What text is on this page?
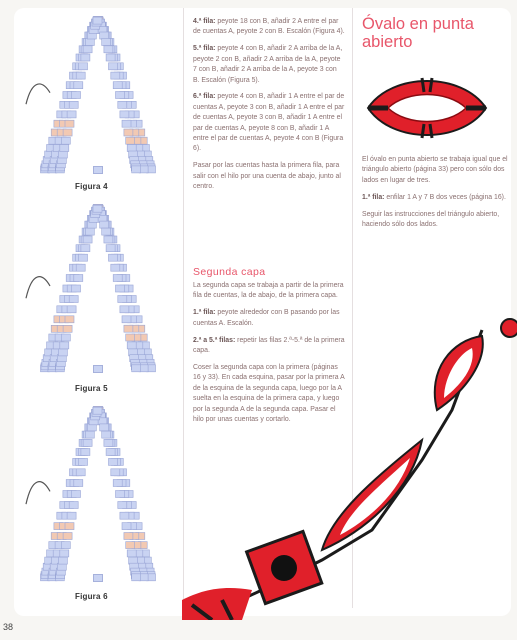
Figura 4
Figura 5
Figura 6

4.ª fila: peyote 18 con B, añadir 2 A entre el par de cuentas A, peyote 2 con B. Escalón (Figura 4).

5.ª fila: peyote 4 con B, añadir 2 A arriba de la A, peyote 2 con B, añadir 2 A arriba de la A, peyote 7 con B, añadir 2 A arriba de la A, peyote 3 con B. Escalón (Figura 5).

6.ª fila: peyote 4 con B, añadir 1 A entre el par de cuentas A, peyote 3 con B, añadir 1 A entre el par de cuentas A, peyote 3 con B, añadir 1 A entre el par de cuentas A, peyote 8 con B, añadir 1 A entre el par de cuentas A, peyote 4 con B (Figura 6).

Pasar por las cuentas hasta la primera fila, para salir con el hilo por una cuenta de abajo, junto al centro.

Segunda capa

La segunda capa se trabaja a partir de la primera fila de cuentas, la de abajo, de la primera capa.

1.ª fila: peyote alrededor con B pasando por las cuentas A. Escalón.

2.ª a 5.ª filas: repetir las filas 2.ª-5.ª de la primera capa.

Coser la segunda capa con la primera (páginas 16 y 33). En cada esquina, pasar por la primera A de la esquina de la segunda capa, luego por la A suelta en la esquina de la primera capa, y luego por la segunda A de la segunda capa. Pasar el hilo por unas cuentas y cortarlo.

Óvalo en punta abierto

El óvalo en punta abierto se trabaja igual que el triángulo abierto (página 33) pero con sólo dos lados en lugar de tres.

1.ª fila: enfilar 1 A y 7 B dos veces (página 16).

Seguir las instrucciones del triángulo abierto, haciendo sólo dos lados.

38
